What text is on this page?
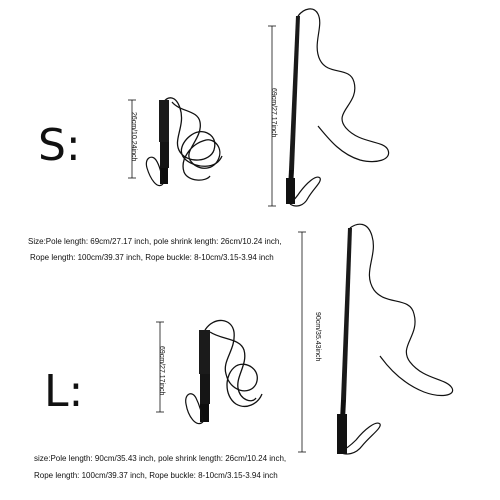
26cm/10.24inch	69cm/27.17inch
69cm/27.17inch
90cm/35.43inch
S:
L:
Size:Pole length: 69cm/27.17 inch, pole shrink length: 26cm/10.24 inch,
Rope length: 100cm/39.37 inch, Rope buckle: 8-10cm/3.15-3.94 inch
size:Pole length: 90cm/35.43 inch, pole shrink length: 26cm/10.24 inch,
Rope length: 100cm/39.37 inch, Rope buckle: 8-10cm/3.15-3.94 inch
